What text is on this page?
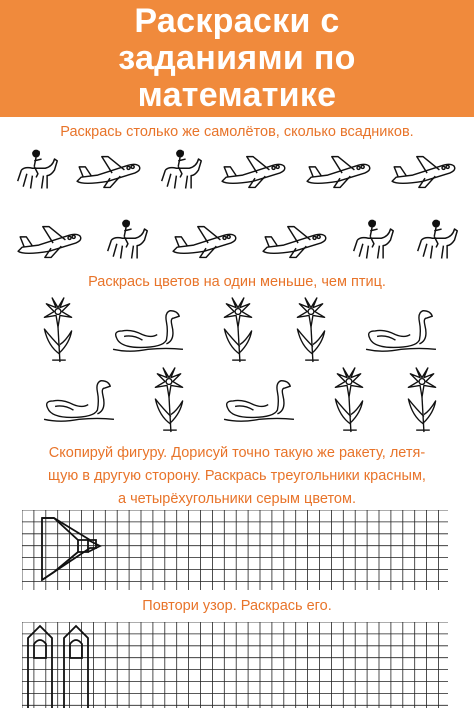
Раскраски с
заданиями по
математике
Раскрась столько же самолётов, сколько всадников.
Раскрась цветов на один меньше, чем птиц.
Скопируй фигуру. Дорисуй точно такую же ракету, летя-
щую в другую сторону. Раскрась треугольники красным,
а четырёхугольники серым цветом.
Повтори узор. Раскрась его.
